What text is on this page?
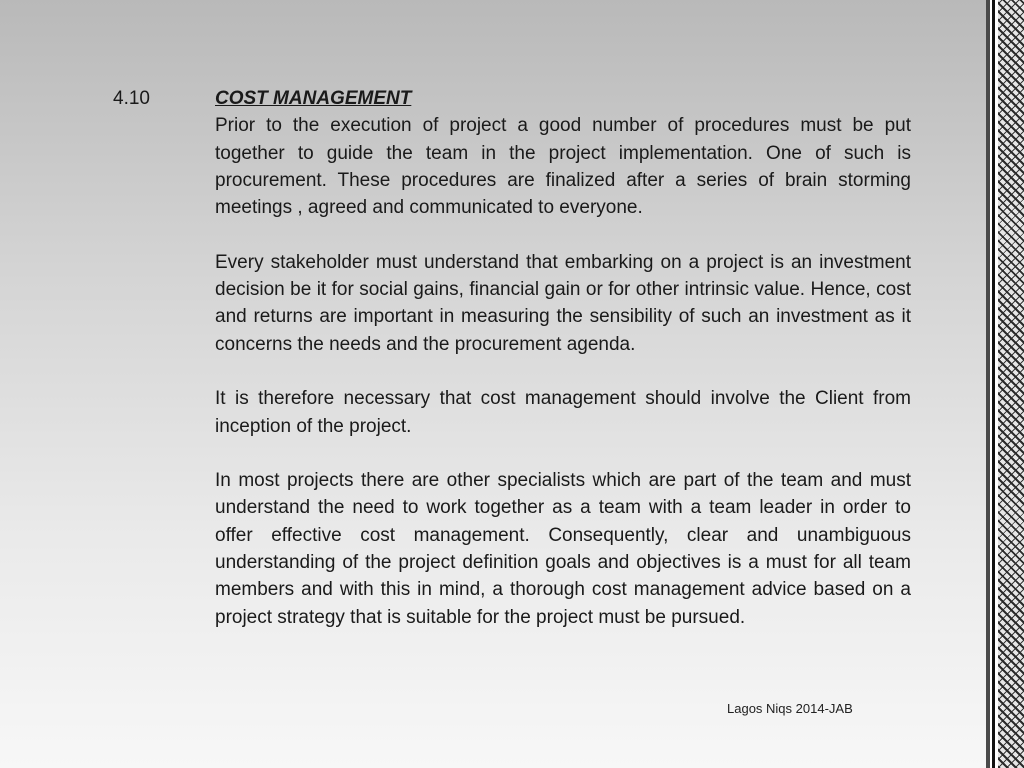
4.10	COST MANAGEMENT

Prior to the execution of project a good number of procedures must be put together to guide the team in the project implementation. One of such is procurement. These procedures are finalized after a series of brain storming meetings , agreed and communicated to everyone.

Every stakeholder must understand that embarking on a project is an investment decision be it for social gains, financial gain or for other intrinsic value. Hence, cost and returns are important in measuring the sensibility of such an investment as it concerns the needs and the procurement agenda.

It is therefore necessary that cost management should involve the Client from inception of the project.

In most projects there are other specialists which are part of the team and must understand the need to work together as a team with a team leader in order to offer effective cost management. Consequently, clear and unambiguous understanding of the project definition goals and objectives is a must for all team members and with this in mind, a thorough cost management advice based on a project strategy that is suitable for the project must be pursued.

Lagos Niqs 2014-JAB
